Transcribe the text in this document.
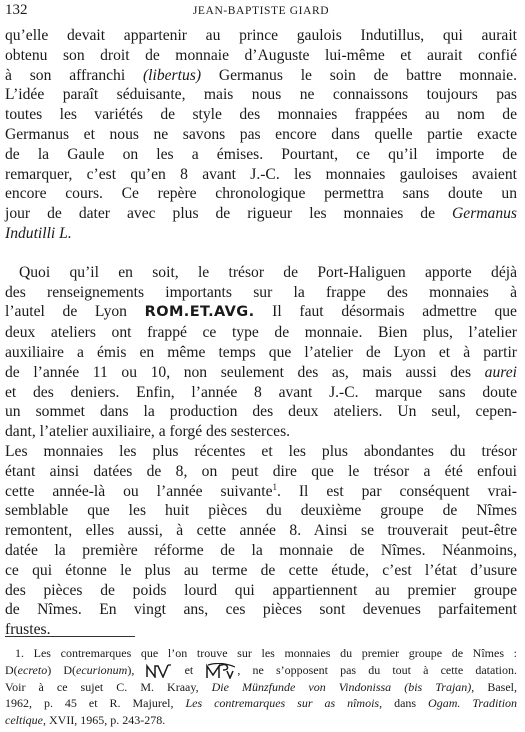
132	JEAN-BAPTISTE GIARD

qu’elle devait appartenir au prince gaulois Indutillus, qui aurait
obtenu son droit de monnaie d’Auguste lui-même et aurait confié
à son affranchi (libertus) Germanus le soin de battre monnaie.
L’idée paraît séduisante, mais nous ne connaissons toujours pas
toutes les variétés de style des monnaies frappées au nom de
Germanus et nous ne savons pas encore dans quelle partie exacte
de la Gaule on les a émises. Pourtant, ce qu’il importe de
remarquer, c’est qu’en 8 avant J.-C. les monnaies gauloises avaient
encore cours. Ce repère chronologique permettra sans doute un
jour de dater avec plus de rigueur les monnaies de Germanus
Indutilli L.

Quoi qu’il en soit, le trésor de Port-Haliguen apporte déjà
des renseignements importants sur la frappe des monnaies à
l’autel de Lyon ROM.ET.AVG. Il faut désormais admettre que
deux ateliers ont frappé ce type de monnaie. Bien plus, l’atelier
auxiliaire a émis en même temps que l’atelier de Lyon et à partir
de l’année 11 ou 10, non seulement des as, mais aussi des aurei
et des deniers. Enfin, l’année 8 avant J.-C. marque sans doute
un sommet dans la production des deux ateliers. Un seul, cepen-
dant, l’atelier auxiliaire, a forgé des sesterces.

Les monnaies les plus récentes et les plus abondantes du trésor
étant ainsi datées de 8, on peut dire que le trésor a été enfoui
cette année-là ou l’année suivante$^1$. Il est par conséquent vrai-
semblable que les huit pièces du deuxième groupe de Nîmes
remontent, elles aussi, à cette année 8. Ainsi se trouverait peut-être
datée la première réforme de la monnaie de Nîmes. Néanmoins,
ce qui étonne le plus au terme de cette étude, c’est l’état d’usure
des pièces de poids lourd qui appartiennent au premier groupe
de Nîmes. En vingt ans, ces pièces sont devenues parfaitement
frustes.

1. Les contremarques que l’on trouve sur les monnaies du premier groupe de Nîmes :
D(ecreto) D(ecurionum),  et	, ne s’opposent pas du tout à cette datation.
Voir à ce sujet C. M. Kraay, Die Münzfunde von Vindonissa (bis Trajan), Basel,
1962, p. 45 et R. Majurel, Les contremarques sur as nîmois, dans Ogam. Tradition
celtique, XVII, 1965, p. 243-278.
